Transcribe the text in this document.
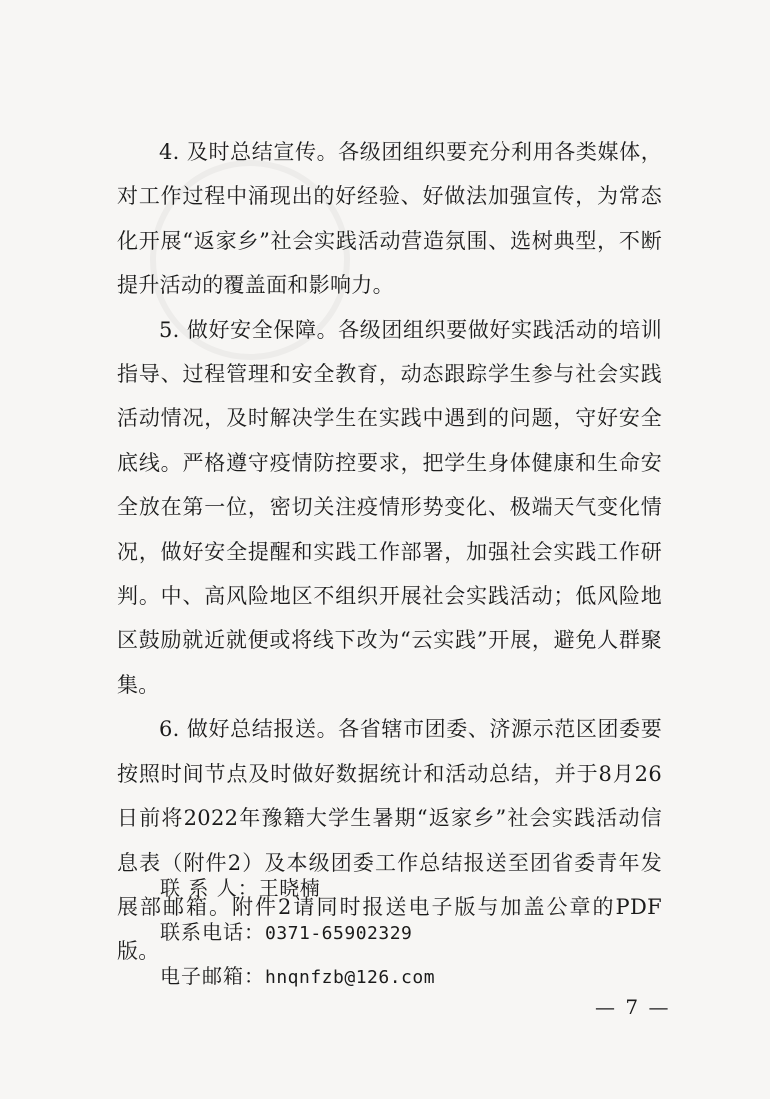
4. 及时总结宣传。各级团组织要充分利用各类媒体，对工作过程中涌现出的好经验、好做法加强宣传，为常态化开展“返家乡”社会实践活动营造氛围、选树典型，不断提升活动的覆盖面和影响力。

5. 做好安全保障。各级团组织要做好实践活动的培训指导、过程管理和安全教育，动态跟踪学生参与社会实践活动情况，及时解决学生在实践中遇到的问题，守好安全底线。严格遵守疫情防控要求，把学生身体健康和生命安全放在第一位，密切关注疫情形势变化、极端天气变化情况，做好安全提醒和实践工作部署，加强社会实践工作研判。中、高风险地区不组织开展社会实践活动；低风险地区鼓励就近就便或将线下改为“云实践”开展，避免人群聚集。

6. 做好总结报送。各省辖市团委、济源示范区团委要按照时间节点及时做好数据统计和活动总结，并于8月26日前将2022年豫籍大学生暑期“返家乡”社会实践活动信息表（附件2）及本级团委工作总结报送至团省委青年发展部邮箱。附件2请同时报送电子版与加盖公章的PDF版。

联 系 人：王晓楠
联系电话：0371-65902329
电子邮箱：hnqnfzb@126.com
— 7 —
